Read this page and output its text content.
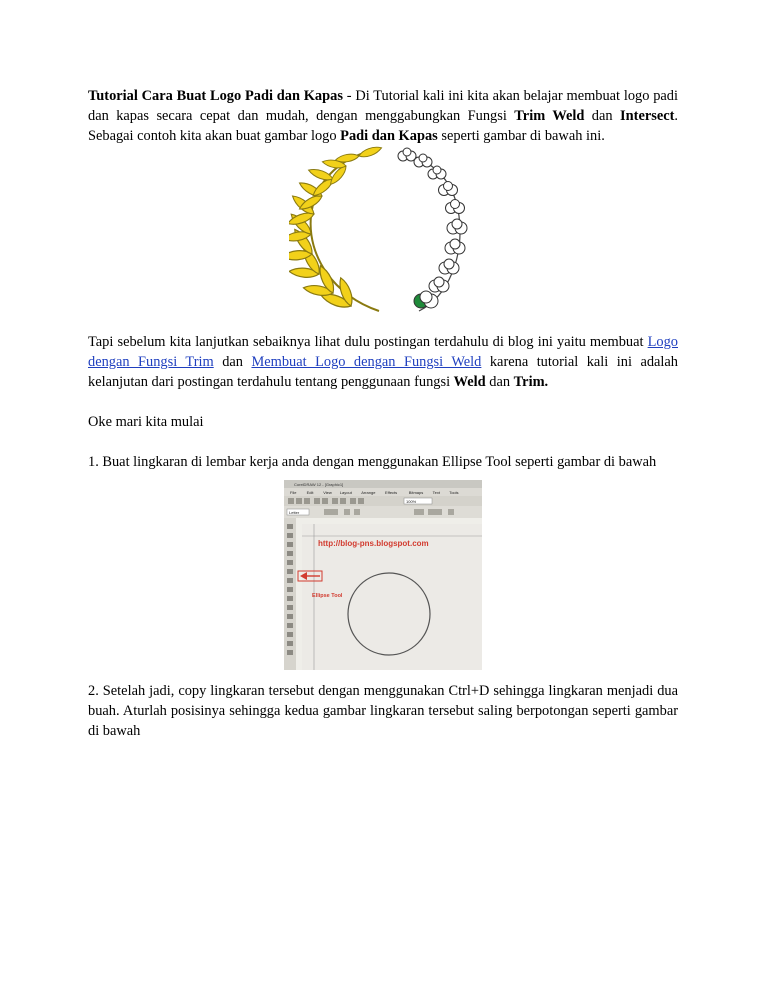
Tutorial Cara Buat Logo Padi dan Kapas - Di Tutorial kali ini kita akan belajar membuat logo padi dan kapas secara cepat dan mudah, dengan menggabungkan Fungsi Trim Weld dan Intersect. Sebagai contoh kita akan buat gambar logo Padi dan Kapas seperti gambar di bawah ini.

Tapi sebelum kita lanjutkan sebaiknya lihat dulu postingan terdahulu di blog ini yaitu membuat Logo dengan Fungsi Trim dan Membuat Logo dengan Fungsi Weld karena tutorial kali ini adalah kelanjutan dari postingan terdahulu tentang penggunaan fungsi Weld dan Trim.

Oke mari kita mulai

1. Buat lingkaran di lembar kerja anda dengan menggunakan Ellipse Tool seperti gambar di bawah

CorelDRAW 12 - [Graphic1]
File	Edit View Layout Arrange Effects	Bitmaps Text Tools
100%
Letter
http://blog-pns.blogspot.com
Ellipse Tool

2. Setelah jadi, copy lingkaran tersebut dengan menggunakan Ctrl+D sehingga lingkaran menjadi dua buah. Aturlah posisinya sehingga kedua gambar lingkaran tersebut saling berpotongan seperti gambar di bawah
